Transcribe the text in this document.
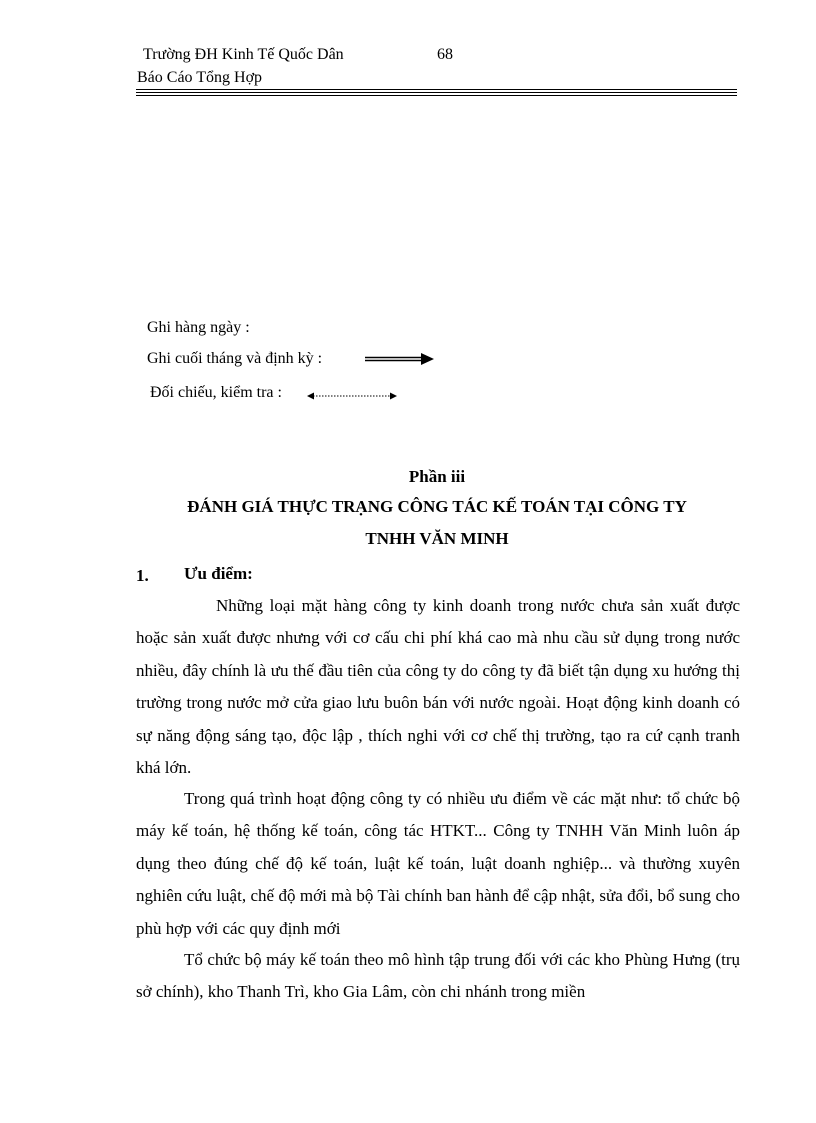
Trường ĐH Kinh Tế Quốc Dân	68
Báo Cáo Tổng Hợp
Ghi hàng ngày :
Ghi cuối tháng và định kỳ :
Đối chiếu, kiểm tra :
Phần iii
ĐÁNH GIÁ THỰC TRẠNG CÔNG TÁC KẾ TOÁN TẠI CÔNG TY
TNHH VĂN MINH
1. Ưu điểm:

Những loại mặt hàng công ty kinh doanh trong nước chưa sản xuất được hoặc sản xuất được nhưng với cơ cấu chi phí khá cao mà nhu cầu sử dụng trong nước nhiều, đây chính là ưu thế đầu tiên của công ty do công ty đã biết tận dụng xu hướng thị trường trong nước mở cửa giao lưu buôn bán với nước ngoài. Hoạt động kinh doanh có sự năng động sáng tạo, độc lập , thích nghi với cơ chế thị trường, tạo ra cứ cạnh tranh khá lớn.

Trong quá trình hoạt động công ty có nhiều ưu điểm về các mặt như: tổ chức bộ máy kế toán, hệ thống kế toán, công tác HTKT... Công ty TNHH Văn Minh luôn áp dụng theo đúng chế độ kế toán, luật kế toán, luật doanh nghiệp... và thường xuyên nghiên cứu luật, chế độ mới mà bộ Tài chính ban hành để cập nhật, sửa đổi, bổ sung cho phù hợp với các quy định mới

Tổ chức bộ máy kế toán theo mô hình tập trung đối với các kho Phùng Hưng (trụ sở chính), kho Thanh Trì, kho Gia Lâm, còn chi nhánh trong miền
